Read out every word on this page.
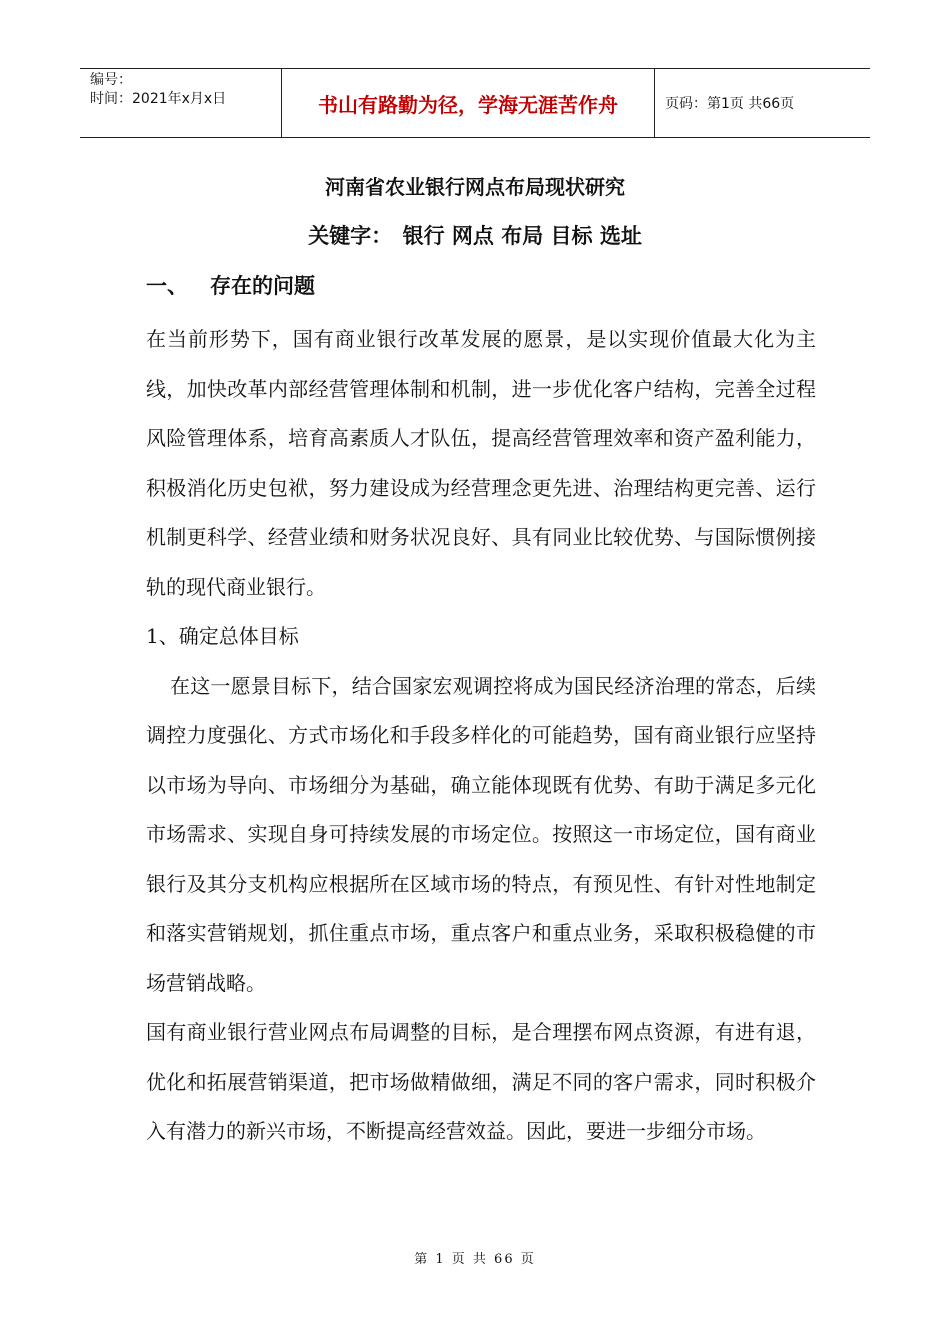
编号：
时间：2021年x月x日	书山有路勤为径，学海无涯苦作舟	页码：第1页 共66页
河南省农业银行网点布局现状研究
关键字：　银行 网点 布局 目标 选址
一、 存在的问题

在当前形势下，国有商业银行改革发展的愿景，是以实现价值最大化为主线，加快改革内部经营管理体制和机制，进一步优化客户结构，完善全过程风险管理体系，培育高素质人才队伍，提高经营管理效率和资产盈利能力，积极消化历史包袱，努力建设成为经营理念更先进、治理结构更完善、运行机制更科学、经营业绩和财务状况良好、具有同业比较优势、与国际惯例接轨的现代商业银行。

1、确定总体目标

在这一愿景目标下，结合国家宏观调控将成为国民经济治理的常态，后续调控力度强化、方式市场化和手段多样化的可能趋势，国有商业银行应坚持以市场为导向、市场细分为基础，确立能体现既有优势、有助于满足多元化市场需求、实现自身可持续发展的市场定位。按照这一市场定位，国有商业银行及其分支机构应根据所在区域市场的特点，有预见性、有针对性地制定和落实营销规划，抓住重点市场，重点客户和重点业务，采取积极稳健的市场营销战略。

国有商业银行营业网点布局调整的目标，是合理摆布网点资源，有进有退，优化和拓展营销渠道，把市场做精做细，满足不同的客户需求，同时积极介入有潜力的新兴市场，不断提高经营效益。因此，要进一步细分市场。

第 1 页 共 66 页
